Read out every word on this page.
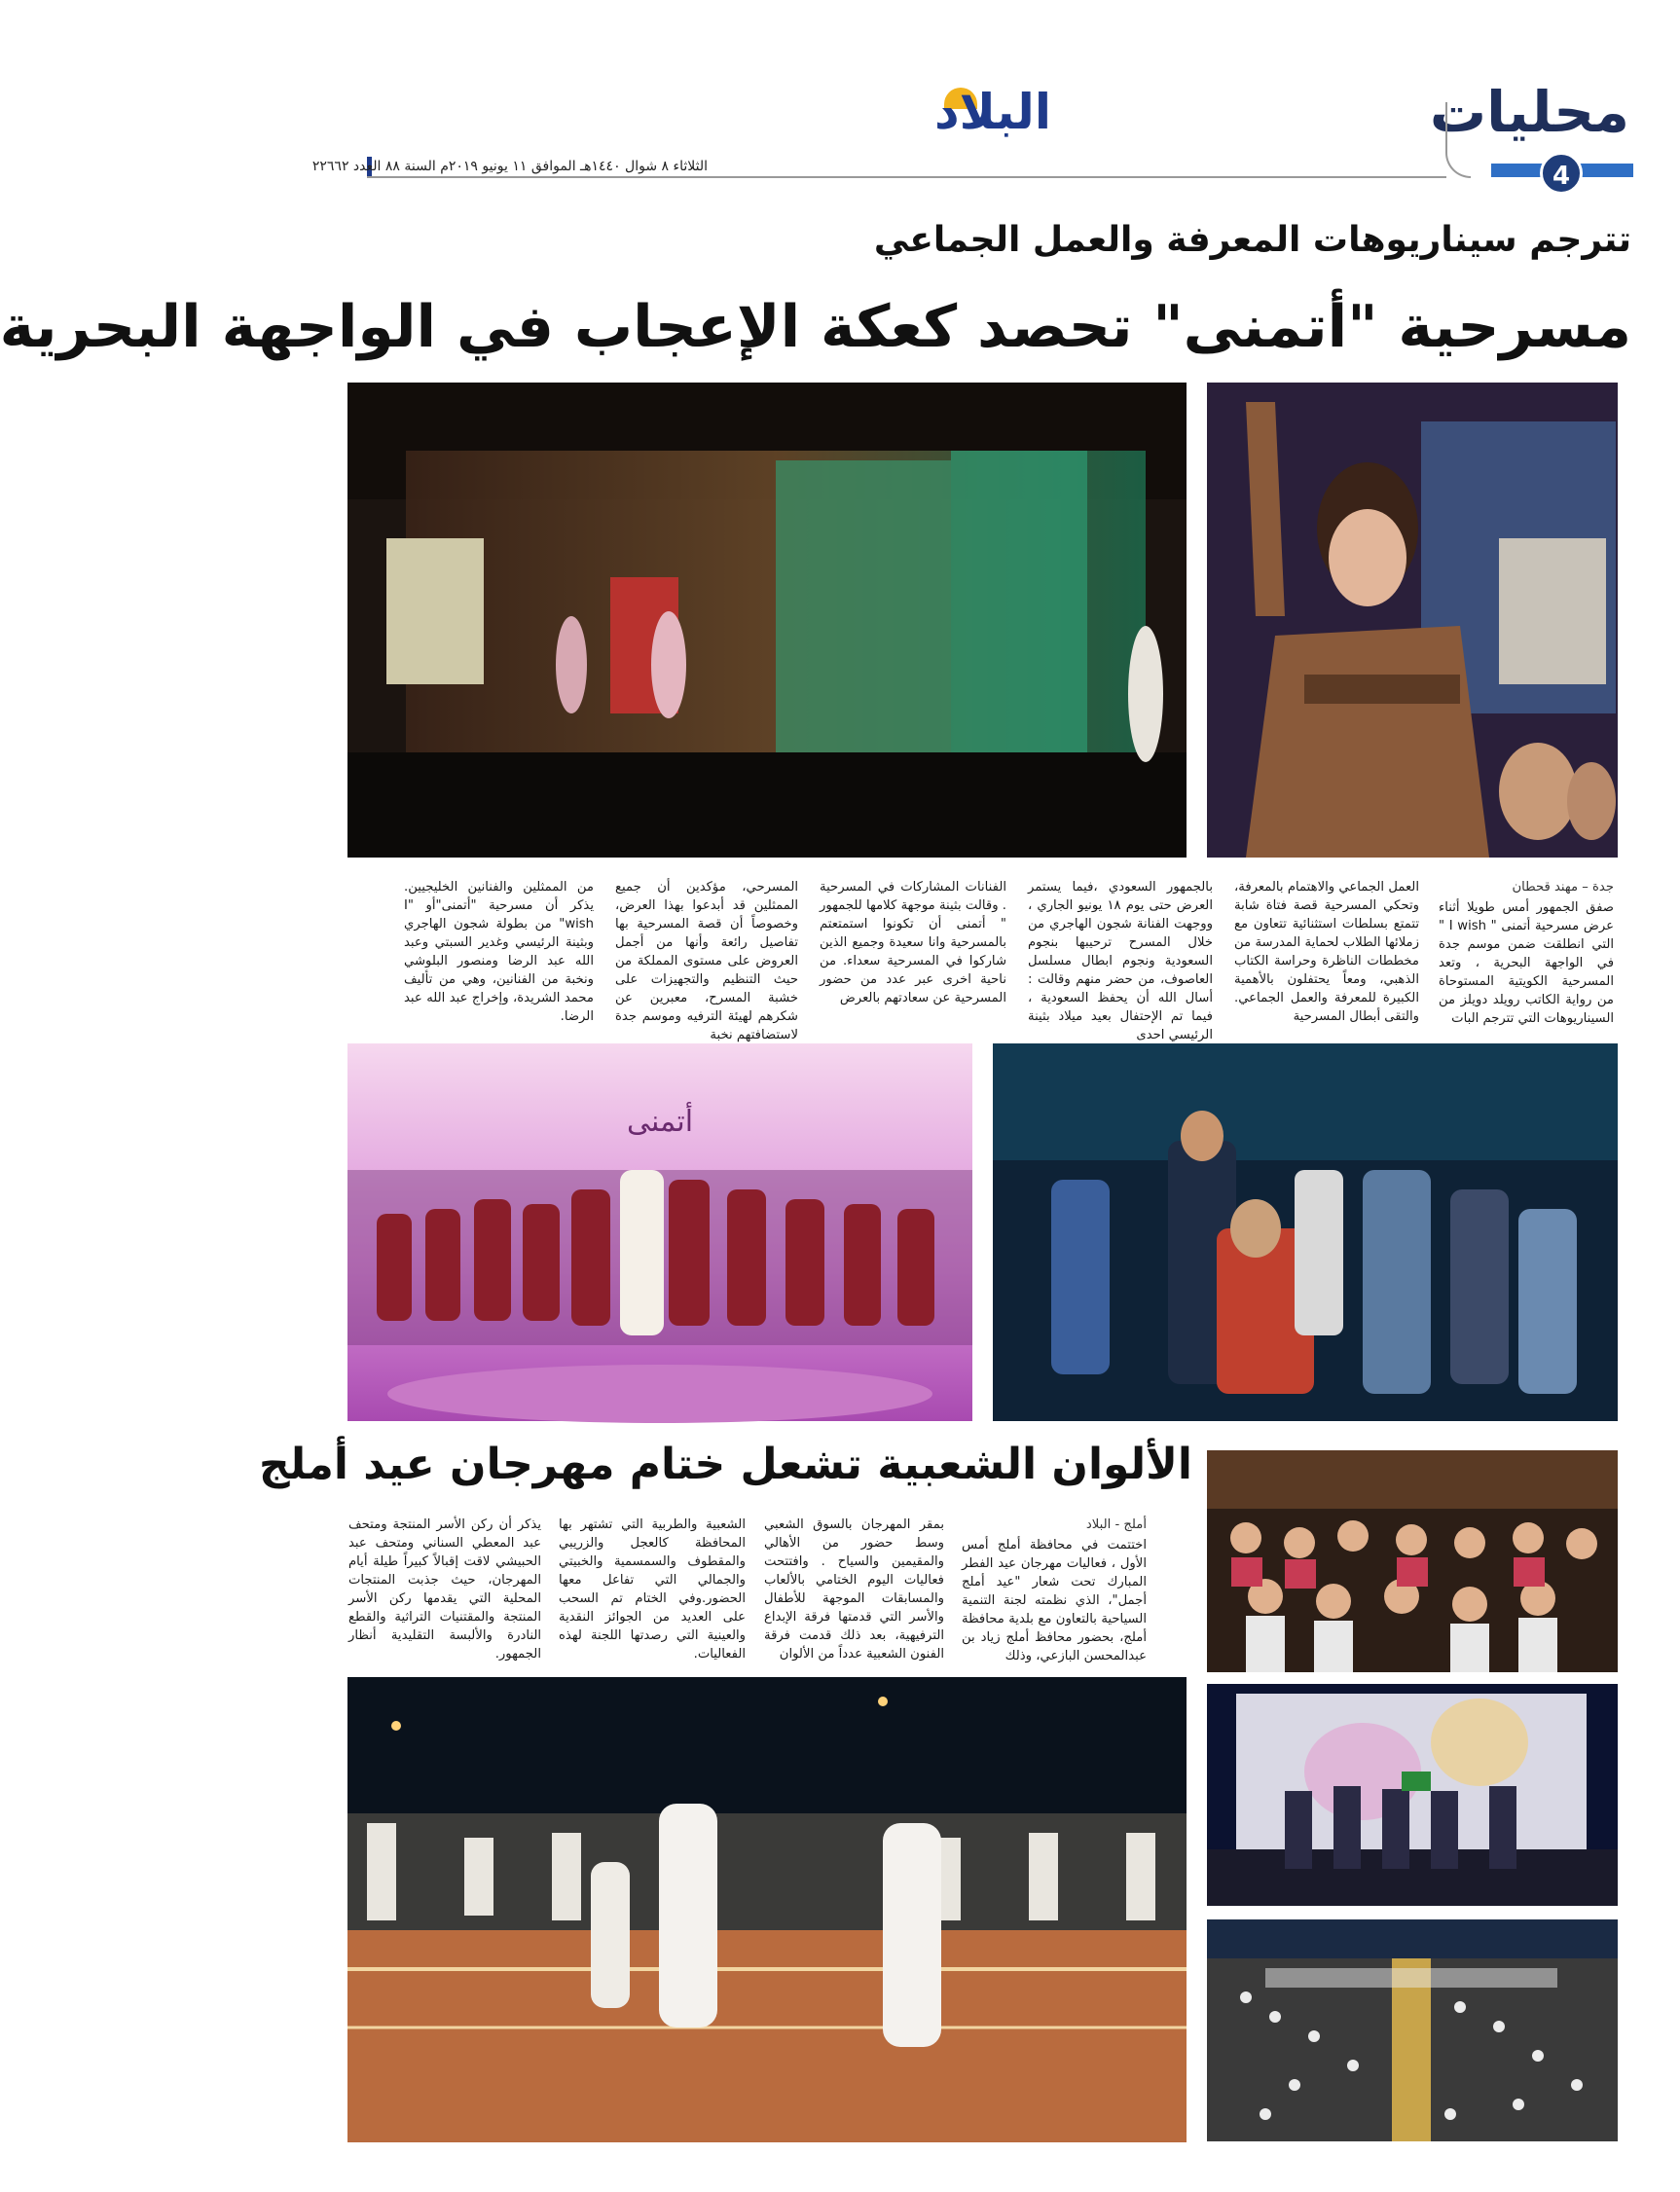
محليات
4
البلاد
الثلاثاء ٨ شوال ١٤٤٠هـ الموافق ١١ يونيو ٢٠١٩م السنة ٨٨ العدد ٢٢٦٦٢
تترجم سيناريوهات المعرفة والعمل الجماعي
مسرحية "أتمنى" تحصد كعكة الإعجاب في الواجهة البحرية
جدة – مهند قحطان
صفق الجمهور أمس طويلا أثناء عرض مسرحية أتمنى " I wish " التي انطلقت ضمن موسم جدة في الواجهة البحرية ، وتعد المسرحية الكويتية المستوحاة من رواية الكاتب رويلد دويلز من السيناريوهات التي تترجم البات
العمل الجماعي والاهتمام بالمعرفة، وتحكي المسرحية قصة فتاة شابة تتمتع بسلطات استثنائية تتعاون مع زملائها الطلاب لحماية المدرسة من مخططات الناظرة وحراسة الكتاب الذهبي، ومعاً يحتفلون بالأهمية الكبيرة للمعرفة والعمل الجماعي. والتقى أبطال المسرحية
بالجمهور السعودي ،فيما يستمر العرض حتى يوم ١٨ يونيو الجاري ، ووجهت الفنانة شجون الهاجري من خلال المسرح ترحيبها بنجوم السعودية ونجوم ابطال مسلسل العاصوف، من حضر منهم وقالت : أسال الله أن يحفظ السعودية ، فيما تم الإحتفال بعيد ميلاد بثينة الرئيسي احدى
الفنانات المشاركات في المسرحية . وقالت بثينة موجهة كلامها للجمهور " أتمنى أن تكونوا استمتعتم بالمسرحية وانا سعيدة وجميع الذين شاركوا في المسرحية سعداء. من ناحية اخرى عبر عدد من حضور المسرحية عن سعادتهم بالعرض
المسرحي، مؤكدين أن جميع الممثلين قد أبدعوا بهذا العرض، وخصوصاً أن قصة المسرحية بها تفاصيل رائعة وأنها من أجمل العروض على مستوى المملكة من حيث التنظيم والتجهيزات على خشبة المسرح، معبرين عن شكرهم لهيئة الترفيه وموسم جدة لاستضافتهم نخبة
من الممثلين والفنانين الخليجيين. يذكر أن مسرحية "أتمنى"أو "I wish" من بطولة شجون الهاجري وبثينة الرئيسي وغدير السبتي وعبد الله عبد الرضا ومنصور البلوشي ونخبة من الفنانين، وهي من تأليف محمد الشريدة، وإخراج عبد الله عبد الرضا.
أتمنى
الألوان الشعبية تشعل ختام مهرجان عيد أملج
أملج - البلاد
اختتمت في محافظة أملج أمس الأول ، فعاليات مهرجان عيد الفطر المبارك تحت شعار "عيد أملج أجمل"، الذي نظمته لجنة التنمية السياحية بالتعاون مع بلدية محافظة أملج، بحضور محافظ أملج زياد بن عبدالمحسن البازعي، وذلك
بمقر المهرجان بالسوق الشعبي وسط حضور من الأهالي والمقيمين والسياح . وافتتحت فعاليات اليوم الختامي بالألعاب والمسابقات الموجهة للأطفال والأسر التي قدمتها فرقة الإبداع الترفيهية، بعد ذلك قدمت فرقة الفنون الشعبية عدداً من الألوان
الشعبية والطربية التي تشتهر بها المحافظة كالعجل والزريبي والمقطوف والسمسمية والخبيتي والجمالي التي تفاعل معها الحضور.وفي الختام تم السحب على العديد من الجوائز النقدية والعينية التي رصدتها اللجنة لهذه الفعاليات.
يذكر أن ركن الأسر المنتجة ومتحف عبد المعطي السناني ومتحف عبد الحبيشي لاقت إقبالاً كبيراً طيلة أيام المهرجان، حيث جذبت المنتجات المحلية التي يقدمها ركن الأسر المنتجة والمقتنيات التراثية والقطع النادرة والألبسة التقليدية أنظار الجمهور.
